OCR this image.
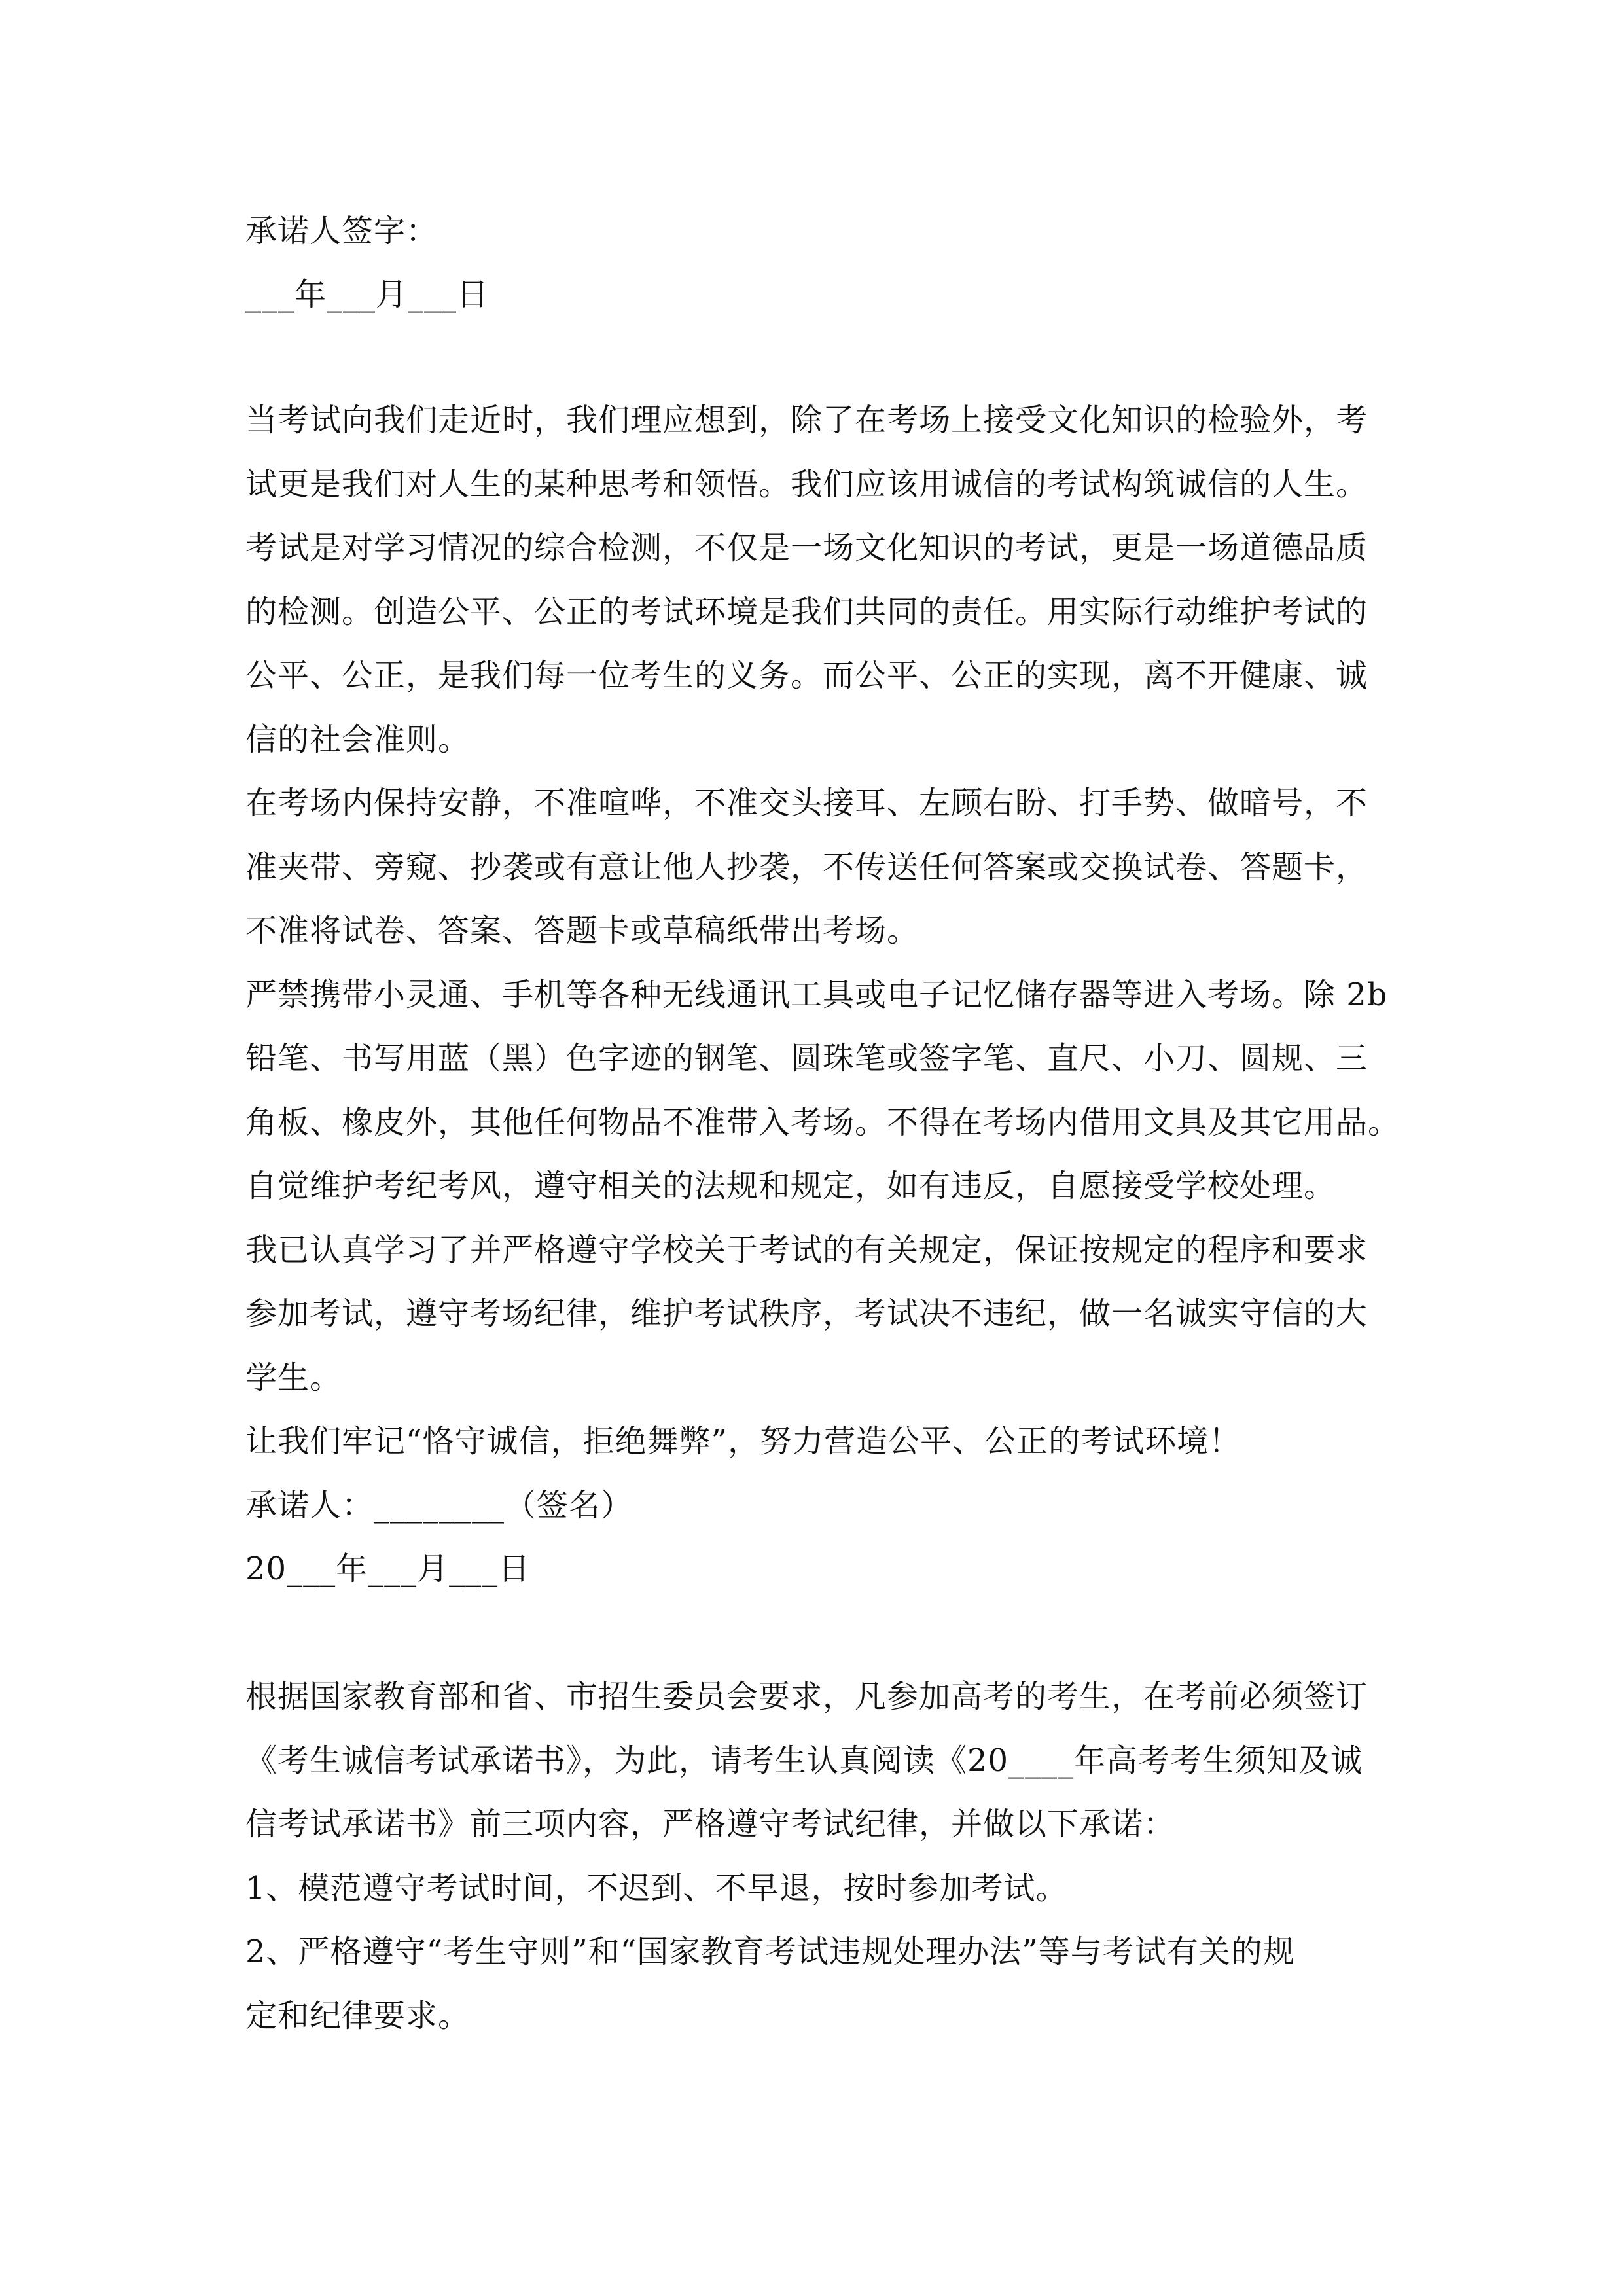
承诺人签字：
___年___月___日
当考试向我们走近时，我们理应想到，除了在考场上接受文化知识的检验外，考
试更是我们对人生的某种思考和领悟。我们应该用诚信的考试构筑诚信的人生。
考试是对学习情况的综合检测，不仅是一场文化知识的考试，更是一场道德品质
的检测。创造公平、公正的考试环境是我们共同的责任。用实际行动维护考试的
公平、公正，是我们每一位考生的义务。而公平、公正的实现，离不开健康、诚
信的社会准则。
在考场内保持安静，不准喧哗，不准交头接耳、左顾右盼、打手势、做暗号，不
准夹带、旁窥、抄袭或有意让他人抄袭，不传送任何答案或交换试卷、答题卡，
不准将试卷、答案、答题卡或草稿纸带出考场。
严禁携带小灵通、手机等各种无线通讯工具或电子记忆储存器等进入考场。除 2b
铅笔、书写用蓝（黑）色字迹的钢笔、圆珠笔或签字笔、直尺、小刀、圆规、三
角板、橡皮外，其他任何物品不准带入考场。不得在考场内借用文具及其它用品。
自觉维护考纪考风，遵守相关的法规和规定，如有违反，自愿接受学校处理。
我已认真学习了并严格遵守学校关于考试的有关规定，保证按规定的程序和要求
参加考试，遵守考场纪律，维护考试秩序，考试决不违纪，做一名诚实守信的大
学生。
让我们牢记“恪守诚信，拒绝舞弊”，努力营造公平、公正的考试环境！
承诺人：________（签名）
20___年___月___日
根据国家教育部和省、市招生委员会要求，凡参加高考的考生，在考前必须签订
《考生诚信考试承诺书》，为此，请考生认真阅读《20____年高考考生须知及诚
信考试承诺书》前三项内容，严格遵守考试纪律，并做以下承诺：
1、模范遵守考试时间，不迟到、不早退，按时参加考试。
2、严格遵守“考生守则”和“国家教育考试违规处理办法”等与考试有关的规
定和纪律要求。
